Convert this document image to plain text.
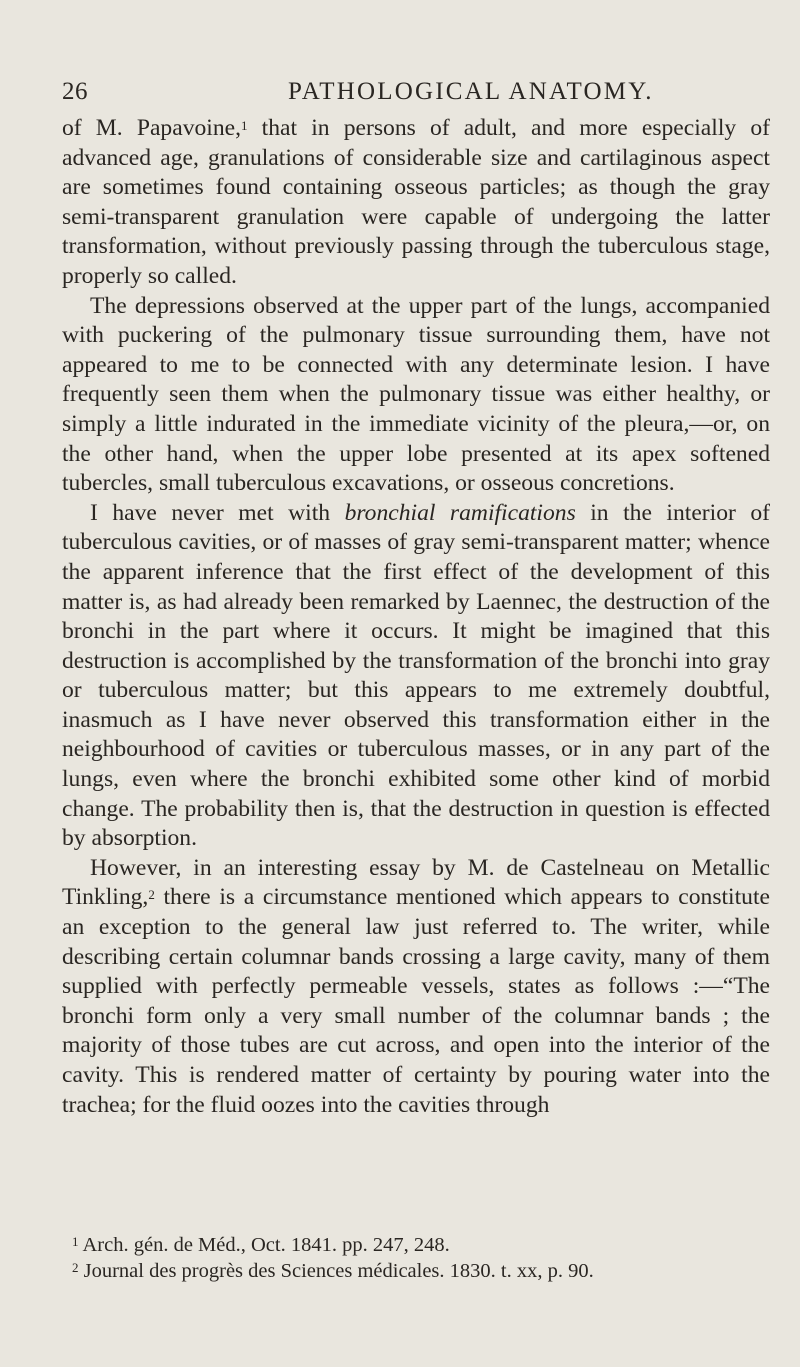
26	PATHOLOGICAL ANATOMY.

of M. Papavoine,$^1$ that in persons of adult, and more especially of advanced age, granulations of considerable size and cartilaginous aspect are sometimes found containing osseous particles; as though the gray semi-transparent granulation were capable of undergoing the latter transformation, without previously passing through the tuberculous stage, properly so called.

The depressions observed at the upper part of the lungs, accompanied with puckering of the pulmonary tissue surrounding them, have not appeared to me to be connected with any determinate lesion. I have frequently seen them when the pulmonary tissue was either healthy, or simply a little indurated in the immediate vicinity of the pleura,—or, on the other hand, when the upper lobe presented at its apex softened tubercles, small tuberculous excavations, or osseous concretions.

I have never met with bronchial ramifications in the interior of tuberculous cavities, or of masses of gray semi-transparent matter; whence the apparent inference that the first effect of the development of this matter is, as had already been remarked by Laennec, the destruction of the bronchi in the part where it occurs. It might be imagined that this destruction is accomplished by the transformation of the bronchi into gray or tuberculous matter; but this appears to me extremely doubtful, inasmuch as I have never observed this transformation either in the neighbourhood of cavities or tuberculous masses, or in any part of the lungs, even where the bronchi exhibited some other kind of morbid change. The probability then is, that the destruction in question is effected by absorption.

However, in an interesting essay by M. de Castelneau on Metallic Tinkling,$^2$ there is a circumstance mentioned which appears to constitute an exception to the general law just referred to. The writer, while describing certain columnar bands crossing a large cavity, many of them supplied with perfectly permeable vessels, states as follows :—“The bronchi form only a very small number of the columnar bands ; the majority of those tubes are cut across, and open into the interior of the cavity. This is rendered matter of certainty by pouring water into the trachea; for the fluid oozes into the cavities through

$^1$ Arch. gén. de Méd., Oct. 1841. pp. 247, 248.

$^2$ Journal des progrès des Sciences médicales. 1830. t. xx, p. 90.
